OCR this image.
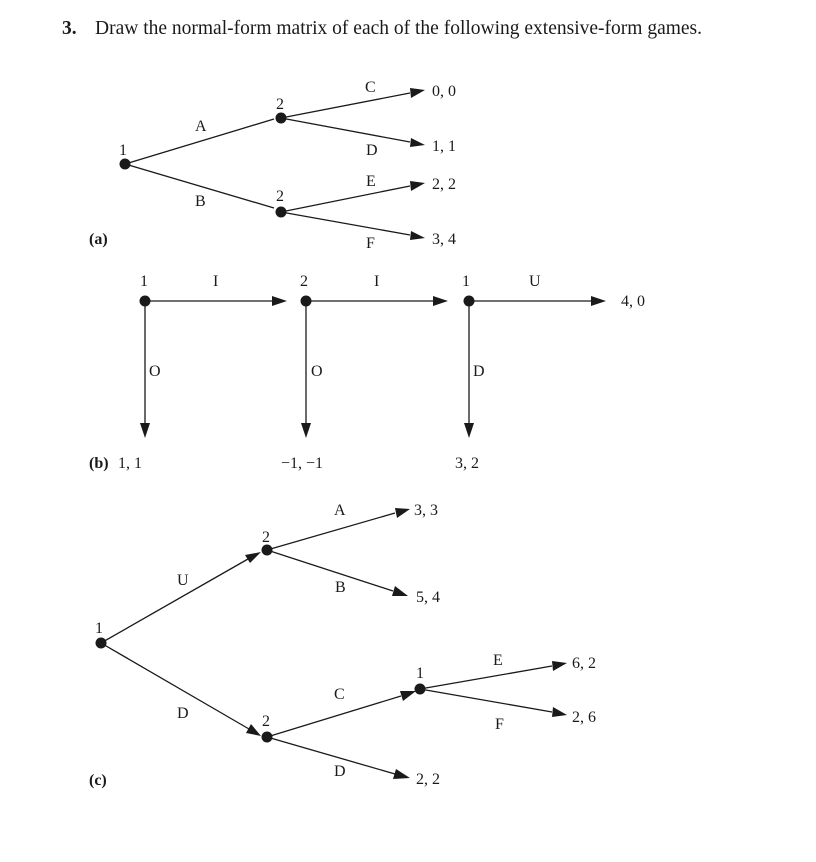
3. Draw the normal-form matrix of each of the following extensive-form games.
1
2
2
A
B
C
D
E
F
0, 0
1, 1
2, 2
3, 4
(a)
1	2	1
I	I	U
O	O	D
4, 0
1, 1	−1, −1	3, 2
(b)
1
2
2
1
U
D
A
B
C
D
E
F
3, 3
5, 4
6, 2
2, 6
2, 2
(c)
